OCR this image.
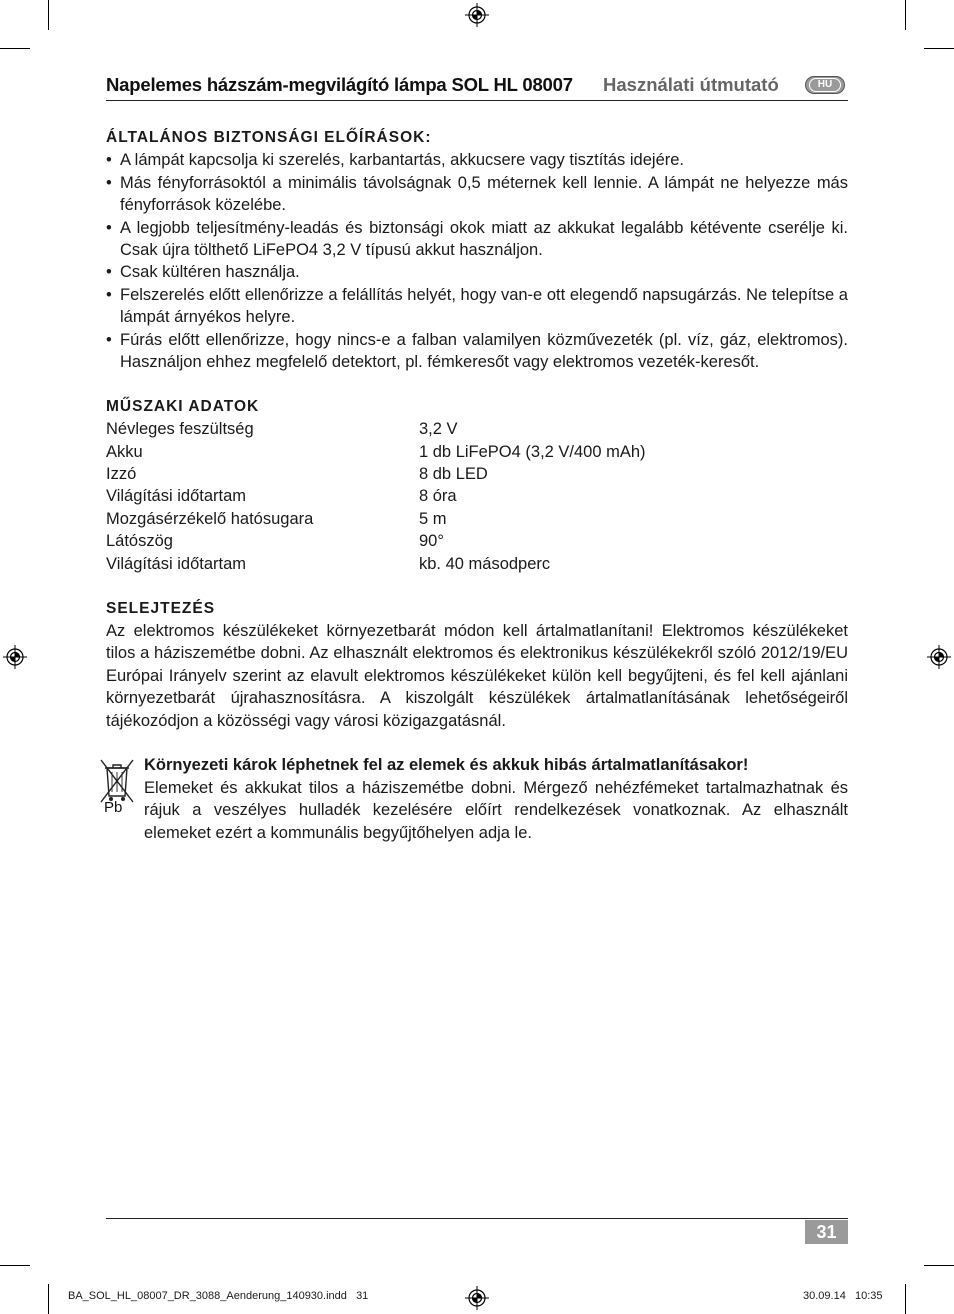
Napelemes házszám-megvilágító lámpa SOL HL 08007 Használati útmutató	HU
ÁLTALÁNOS BIZTONSÁGI ELŐÍRÁSOK:
• A lámpát kapcsolja ki szerelés, karbantartás, akkucsere vagy tisztítás idejére.
• Más fényforrásoktól a minimális távolságnak 0,5 méternek kell lennie. A lámpát ne helyezze más fényforrások közelébe.
• A legjobb teljesítmény-leadás és biztonsági okok miatt az akkukat legalább kétévente cserélje ki. Csak újra tölthető LiFePO4 3,2 V típusú akkut használjon.
• Csak kültéren használja.
• Felszerelés előtt ellenőrizze a felállítás helyét, hogy van-e ott elegendő napsugárzás. Ne telepítse a lámpát árnyékos helyre.
• Fúrás előtt ellenőrizze, hogy nincs-e a falban valamilyen közművezeték (pl. víz, gáz, elektromos). Használjon ehhez megfelelő detektort, pl. fémkeresőt vagy elektromos vezeték-keresőt.
MŰSZAKI ADATOK
Névleges feszültség	3,2 V
Akku	1 db LiFePO4 (3,2 V/400 mAh)
Izzó	8 db LED
Világítási időtartam	8 óra
Mozgásérzékelő hatósugara	5 m
Látószög	90°
Világítási időtartam	kb. 40 másodperc
SELEJTEZÉS

Az elektromos készülékeket környezetbarát módon kell ártalmatlanítani! Elektromos készülékeket tilos a háziszemétbe dobni. Az elhasznált elektromos és elektronikus készülékekről szóló 2012/19/EU Európai Irányelv szerint az elavult elektromos készülékeket külön kell begyűjteni, és fel kell ajánlani környezetbarát újrahasznosításra. A kiszolgált készülékek ártalmatlanításának lehetőségeiről tájékozódjon a közösségi vagy városi közigazgatásnál.

Pb
Környezeti károk léphetnek fel az elemek és akkuk hibás ártalmatlanításakor!

Elemeket és akkukat tilos a háziszemétbe dobni. Mérgező nehézfémeket tartalmazhatnak és rájuk a veszélyes hulladék kezelésére előírt rendelkezések vonatkoznak. Az elhasznált elemeket ezért a kommunális begyűjtőhelyen adja le.

31
BA_SOL_HL_08007_DR_3088_Aenderung_140930.indd   31	30.09.14   10:35
